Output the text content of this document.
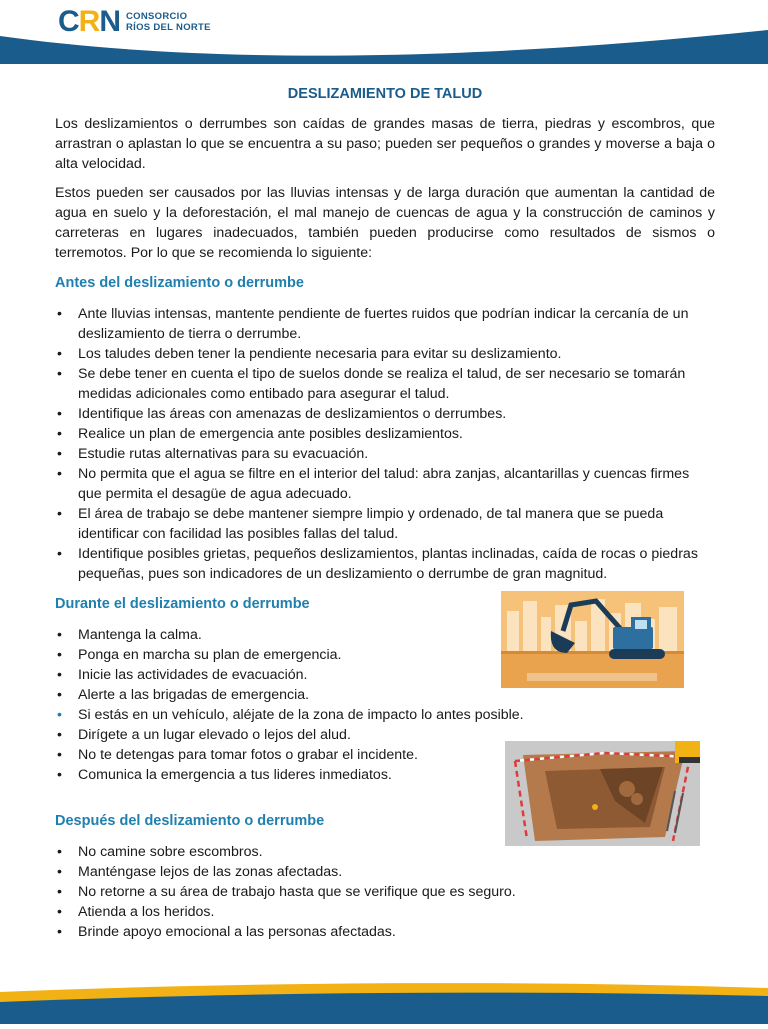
CRN CONSORCIO
RÍOS DEL NORTE
DESLIZAMIENTO DE TALUD

Los deslizamientos o derrumbes son caídas de grandes masas de tierra, piedras y escombros, que arrastran o aplastan lo que se encuentra a su paso; pueden ser pequeños o grandes y moverse a baja o alta velocidad.

Estos pueden ser causados por las lluvias intensas y de larga duración que aumentan la cantidad de agua en suelo y la deforestación, el mal manejo de cuencas de agua y la construcción de caminos y carreteras en lugares inadecuados, también pueden producirse como resultados de sismos o terremotos. Por lo que se recomienda lo siguiente:

Antes del deslizamiento o derrumbe
• Ante lluvias intensas, mantente pendiente de fuertes ruidos que podrían indicar la cercanía de un deslizamiento de tierra o derrumbe.
• Los taludes deben tener la pendiente necesaria para evitar su deslizamiento.
• Se debe tener en cuenta el tipo de suelos donde se realiza el talud, de ser necesario se tomarán medidas adicionales como entibado para asegurar el talud.
• Identifique las áreas con amenazas de deslizamientos o derrumbes.
• Realice un plan de emergencia ante posibles deslizamientos.
• Estudie rutas alternativas para su evacuación.
• No permita que el agua se filtre en el interior del talud: abra zanjas, alcantarillas y cuencas firmes que permita el desagüe de agua adecuado.
• El área de trabajo se debe mantener siempre limpio y ordenado, de tal manera que se pueda identificar con facilidad las posibles fallas del talud.
• Identifique posibles grietas, pequeños deslizamientos, plantas inclinadas, caída de rocas o piedras pequeñas, pues son indicadores de un deslizamiento o derrumbe de gran magnitud.
Durante el deslizamiento o derrumbe
• Mantenga la calma.
• Ponga en marcha su plan de emergencia.
• Inicie las actividades de evacuación.
• Alerte a las brigadas de emergencia.
• Si estás en un vehículo, aléjate de la zona de impacto lo antes posible.
• Dirígete a un lugar elevado o lejos del alud.
• No te detengas para tomar fotos o grabar el incidente.
• Comunica la emergencia a tus lideres inmediatos.
Después del deslizamiento o derrumbe
• No camine sobre escombros.
• Manténgase lejos de las zonas afectadas.
• No retorne a su área de trabajo hasta que se verifique que es seguro.
• Atienda a los heridos.
• Brinde apoyo emocional a las personas afectadas.
